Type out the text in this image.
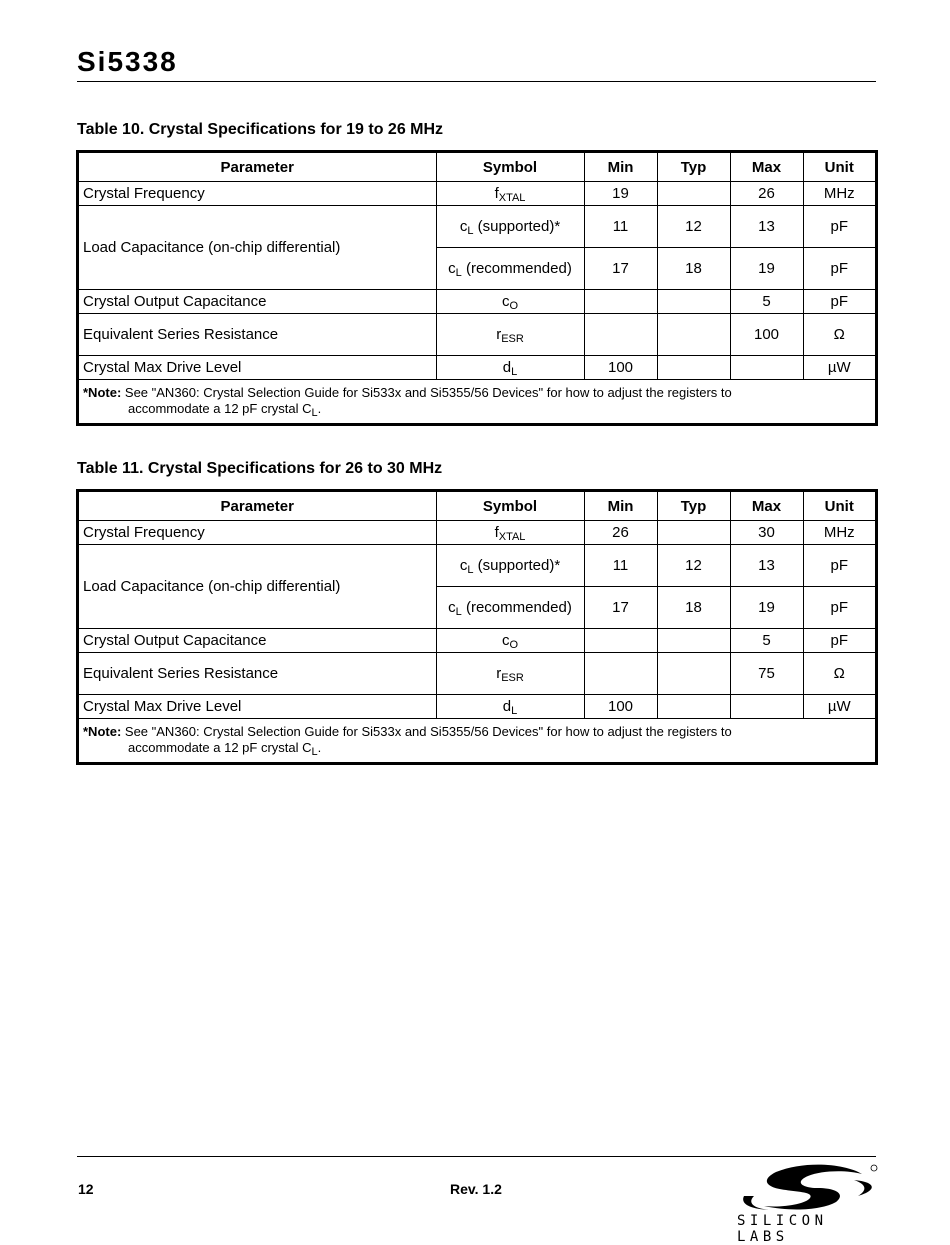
Si5338
Table 10. Crystal Specifications for 19 to 26 MHz
Parameter	Symbol	Min	Typ	Max	Unit
Crystal Frequency	$f_{XTAL}$	19		26	MHz
Load Capacitance (on-chip differential)	$c_L$ (supported)*	11	12	13	pF
	$c_L$ (recommended)	17	18	19	pF
Crystal Output Capacitance	$c_O$			5	pF
Equivalent Series Resistance	$r_{ESR}$			100	Ω
Crystal Max Drive Level	$d_L$	100			µW
*Note: See "AN360: Crystal Selection Guide for Si533x and Si5355/56 Devices" for how to adjust the registers to
accommodate a 12 pF crystal $C_L$.					
Table 11. Crystal Specifications for 26 to 30 MHz
Parameter	Symbol	Min	Typ	Max	Unit
Crystal Frequency	$f_{XTAL}$	26		30	MHz
Load Capacitance (on-chip differential)	$c_L$ (supported)*	11	12	13	pF
	$c_L$ (recommended)	17	18	19	pF
Crystal Output Capacitance	$c_O$			5	pF
Equivalent Series Resistance	$r_{ESR}$			75	Ω
Crystal Max Drive Level	$d_L$	100			µW
*Note: See "AN360: Crystal Selection Guide for Si533x and Si5355/56 Devices" for how to adjust the registers to
accommodate a 12 pF crystal $C_L$.					
12	Rev. 1.2
SILICON LABS
